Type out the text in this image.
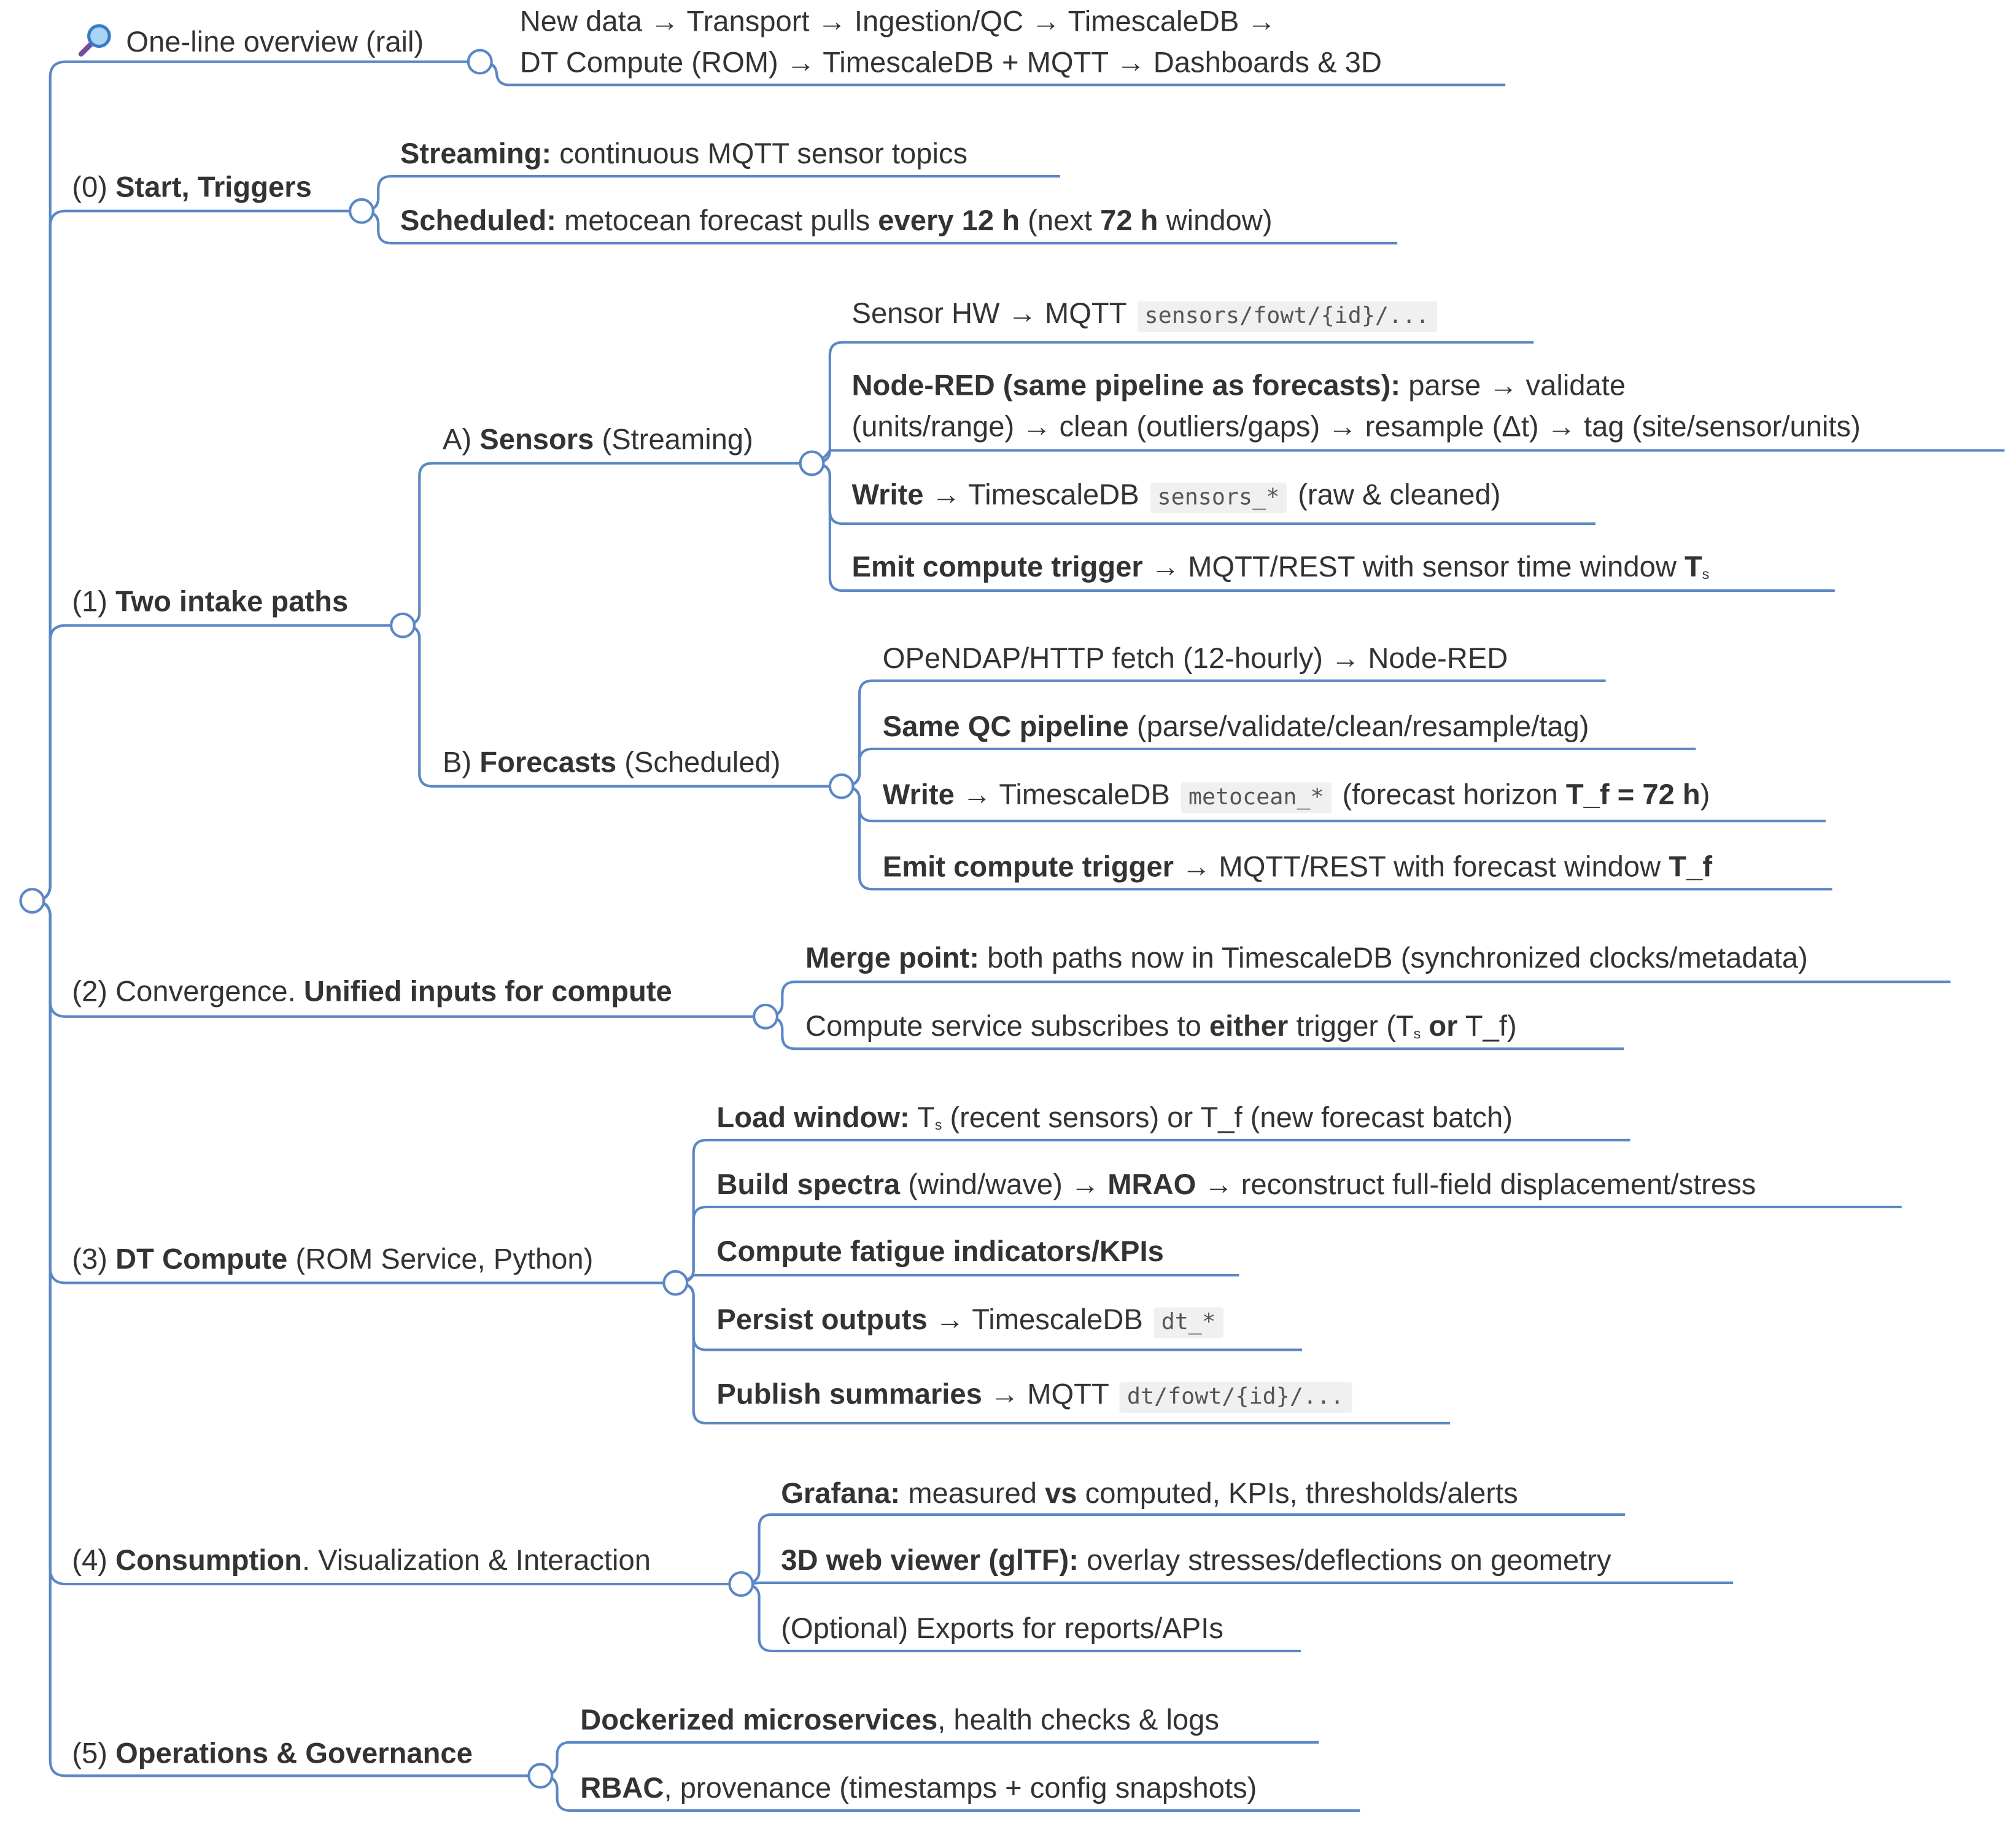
One-line overview (rail)
New data → Transport → Ingestion/QC → TimescaleDB →
DT Compute (ROM) → TimescaleDB + MQTT → Dashboards & 3D
(0) Start, Triggers
Streaming: continuous MQTT sensor topics
Scheduled: metocean forecast pulls every 12 h (next 72 h window)
(1) Two intake paths
A) Sensors (Streaming)
Sensor HW → MQTT sensors/fowt/{id}/...
Node-RED (same pipeline as forecasts): parse → validate
(units/range) → clean (outliers/gaps) → resample (Δt) → tag (site/sensor/units)
Write → TimescaleDB sensors_* (raw & cleaned)
Emit compute trigger → MQTT/REST with sensor time window $T_s$
B) Forecasts (Scheduled)
OPeNDAP/HTTP fetch (12-hourly) → Node-RED
Same QC pipeline (parse/validate/clean/resample/tag)
Write → TimescaleDB metocean_* (forecast horizon T_f = 72 h)
Emit compute trigger → MQTT/REST with forecast window T_f
(2) Convergence. Unified inputs for compute
Merge point: both paths now in TimescaleDB (synchronized clocks/metadata)
Compute service subscribes to either trigger ($T_s$ or T_f)
(3) DT Compute (ROM Service, Python)
Load window: $T_s$ (recent sensors) or T_f (new forecast batch)
Build spectra (wind/wave) → MRAO → reconstruct full-field displacement/stress
Compute fatigue indicators/KPIs
Persist outputs → TimescaleDB dt_*
Publish summaries → MQTT dt/fowt/{id}/...
(4) Consumption. Visualization & Interaction
Grafana: measured vs computed, KPIs, thresholds/alerts
3D web viewer (glTF): overlay stresses/deflections on geometry
(Optional) Exports for reports/APIs
(5) Operations & Governance
Dockerized microservices, health checks & logs
RBAC, provenance (timestamps + config snapshots)
